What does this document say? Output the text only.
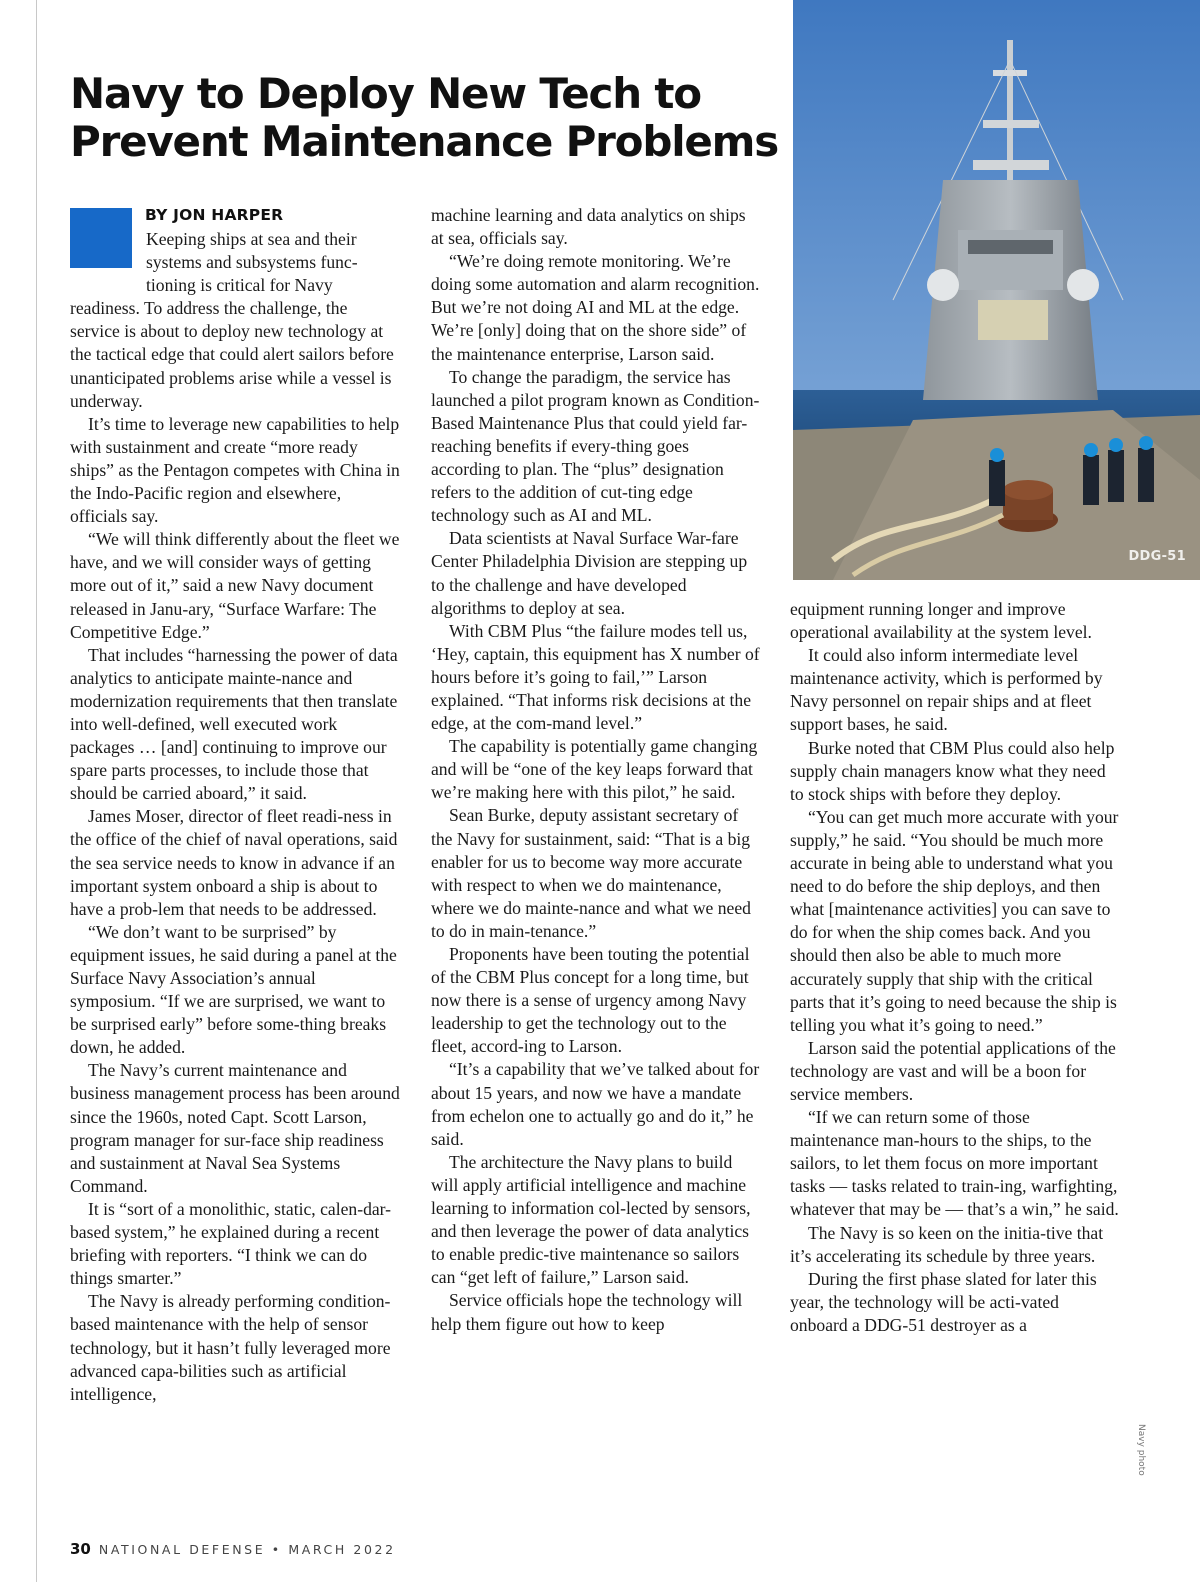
Navy to Deploy New Tech to
Prevent Maintenance Problems
DDG-51
BY JON HARPER

Keeping ships at sea and their systems and subsystems func-tioning is critical for Navy readiness. To address the challenge, the service is about to deploy new technology at the tactical edge that could alert sailors before unanticipated problems arise while a vessel is underway.

It’s time to leverage new capabilities to help with sustainment and create “more ready ships” as the Pentagon competes with China in the Indo-Pacific region and elsewhere, officials say.

“We will think differently about the fleet we have, and we will consider ways of getting more out of it,” said a new Navy document released in Janu-ary, “Surface Warfare: The Competitive Edge.”

That includes “harnessing the power of data analytics to anticipate mainte-nance and modernization requirements that then translate into well-defined, well executed work packages … [and] continuing to improve our spare parts processes, to include those that should be carried aboard,” it said.

James Moser, director of fleet readi-ness in the office of the chief of naval operations, said the sea service needs to know in advance if an important system onboard a ship is about to have a prob-lem that needs to be addressed.

“We don’t want to be surprised” by equipment issues, he said during a panel at the Surface Navy Association’s annual symposium. “If we are surprised, we want to be surprised early” before some-thing breaks down, he added.

The Navy’s current maintenance and business management process has been around since the 1960s, noted Capt. Scott Larson, program manager for sur-face ship readiness and sustainment at Naval Sea Systems Command.

It is “sort of a monolithic, static, calen-dar-based system,” he explained during a recent briefing with reporters. “I think we can do things smarter.”

The Navy is already performing condition-based maintenance with the help of sensor technology, but it hasn’t fully leveraged more advanced capa-bilities such as artificial intelligence,

machine learning and data analytics on ships at sea, officials say.

“We’re doing remote monitoring. We’re doing some automation and alarm recognition. But we’re not doing AI and ML at the edge. We’re [only] doing that on the shore side” of the maintenance enterprise, Larson said.

To change the paradigm, the service has launched a pilot program known as Condition-Based Maintenance Plus that could yield far-reaching benefits if every-thing goes according to plan. The “plus” designation refers to the addition of cut-ting edge technology such as AI and ML.

Data scientists at Naval Surface War-fare Center Philadelphia Division are stepping up to the challenge and have developed algorithms to deploy at sea.

With CBM Plus “the failure modes tell us, ‘Hey, captain, this equipment has X number of hours before it’s going to fail,’” Larson explained. “That informs risk decisions at the edge, at the com-mand level.”

The capability is potentially game changing and will be “one of the key leaps forward that we’re making here with this pilot,” he said.

Sean Burke, deputy assistant secretary of the Navy for sustainment, said: “That is a big enabler for us to become way more accurate with respect to when we do maintenance, where we do mainte-nance and what we need to do in main-tenance.”

Proponents have been touting the potential of the CBM Plus concept for a long time, but now there is a sense of urgency among Navy leadership to get the technology out to the fleet, accord-ing to Larson.

“It’s a capability that we’ve talked about for about 15 years, and now we have a mandate from echelon one to actually go and do it,” he said.

The architecture the Navy plans to build will apply artificial intelligence and machine learning to information col-lected by sensors, and then leverage the power of data analytics to enable predic-tive maintenance so sailors can “get left of failure,” Larson said.

Service officials hope the technology will help them figure out how to keep

equipment running longer and improve operational availability at the system level.

It could also inform intermediate level maintenance activity, which is performed by Navy personnel on repair ships and at fleet support bases, he said.

Burke noted that CBM Plus could also help supply chain managers know what they need to stock ships with before they deploy.

“You can get much more accurate with your supply,” he said. “You should be much more accurate in being able to understand what you need to do before the ship deploys, and then what [maintenance activities] you can save to do for when the ship comes back. And you should then also be able to much more accurately supply that ship with the critical parts that it’s going to need because the ship is telling you what it’s going to need.”

Larson said the potential applications of the technology are vast and will be a boon for service members.

“If we can return some of those maintenance man-hours to the ships, to the sailors, to let them focus on more important tasks — tasks related to train-ing, warfighting, whatever that may be — that’s a win,” he said.

The Navy is so keen on the initia-tive that it’s accelerating its schedule by three years.

During the first phase slated for later this year, the technology will be acti-vated onboard a DDG-51 destroyer as a

Navy photo
30 NATIONAL DEFENSE • MARCH 2022
